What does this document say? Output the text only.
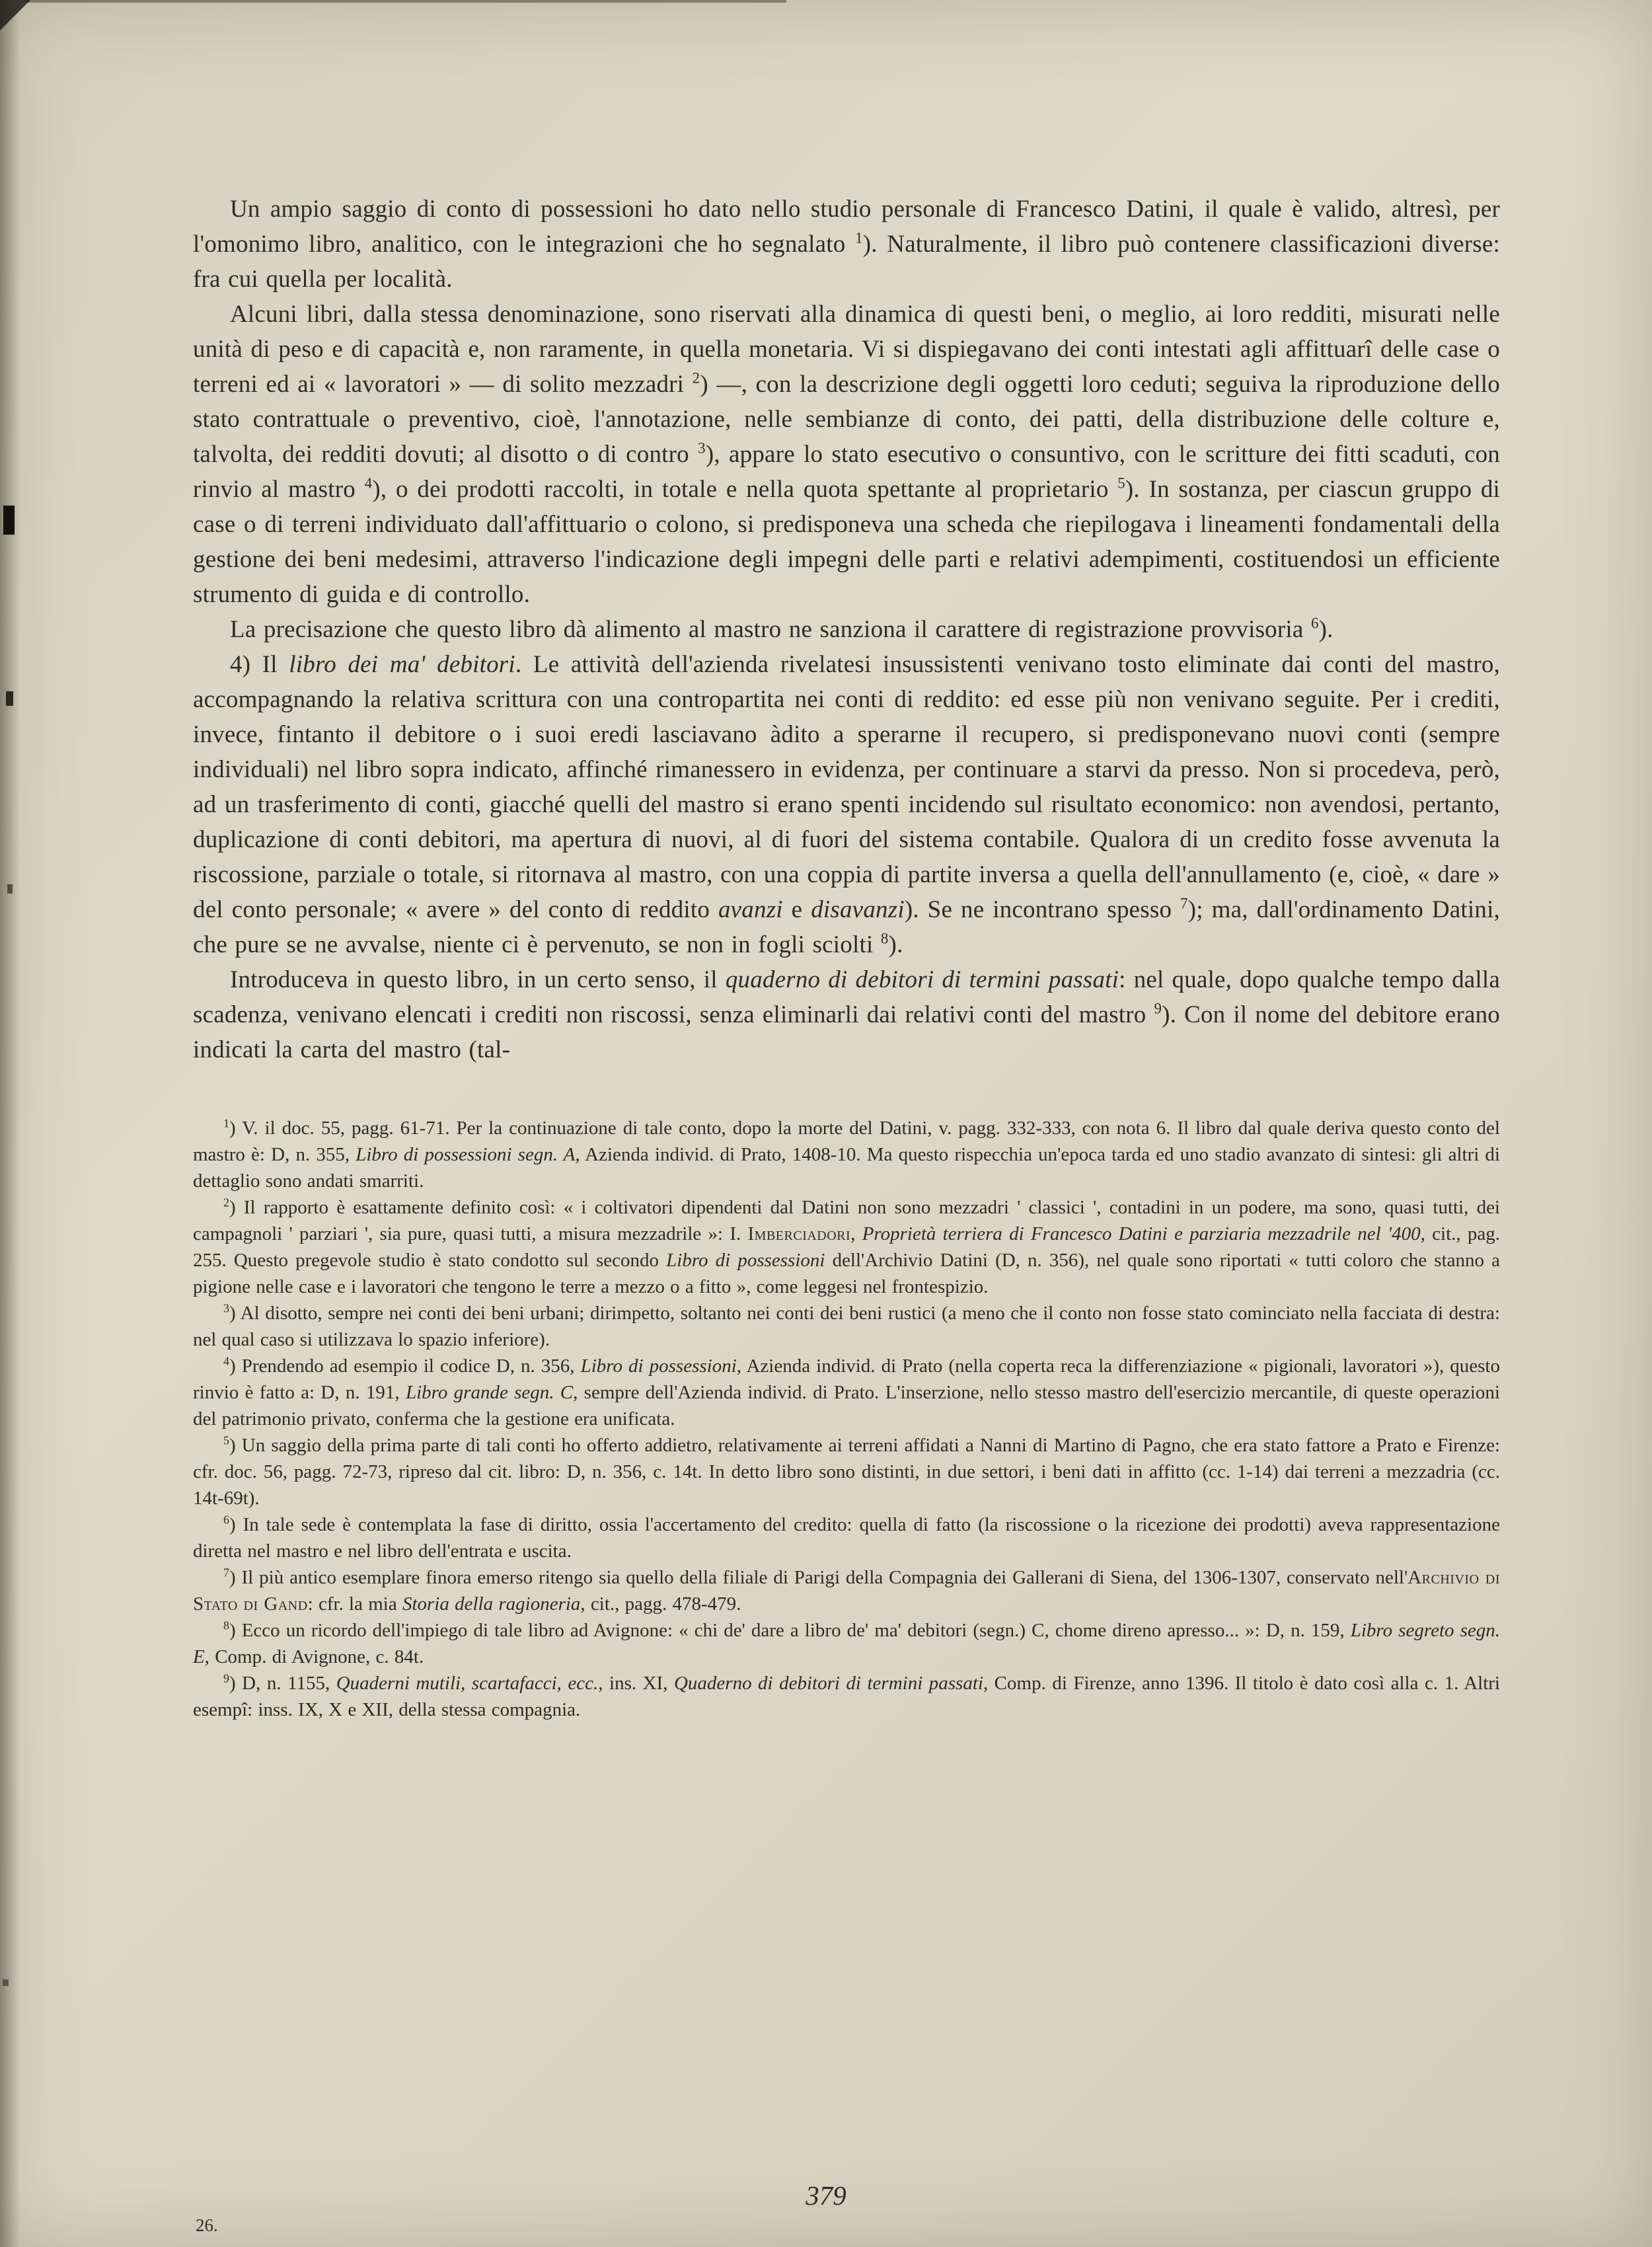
Un ampio saggio di conto di possessioni ho dato nello studio personale di Francesco Datini, il quale è valido, altresì, per l'omonimo libro, analitico, con le integrazioni che ho segnalato $^1$). Naturalmente, il libro può contenere classificazioni diverse: fra cui quella per località.

Alcuni libri, dalla stessa denominazione, sono riservati alla dinamica di questi beni, o meglio, ai loro redditi, misurati nelle unità di peso e di capacità e, non raramente, in quella monetaria. Vi si dispiegavano dei conti intestati agli affittuarî delle case o terreni ed ai « lavoratori » — di solito mezzadri $^2$) —, con la descrizione degli oggetti loro ceduti; seguiva la riproduzione dello stato contrattuale o preventivo, cioè, l'annotazione, nelle sembianze di conto, dei patti, della distribuzione delle colture e, talvolta, dei redditi dovuti; al disotto o di contro $^3$), appare lo stato esecutivo o consuntivo, con le scritture dei fitti scaduti, con rinvio al mastro $^4$), o dei prodotti raccolti, in totale e nella quota spettante al proprietario $^5$). In sostanza, per ciascun gruppo di case o di terreni individuato dall'affittuario o colono, si predisponeva una scheda che riepilogava i lineamenti fondamentali della gestione dei beni medesimi, attraverso l'indicazione degli impegni delle parti e relativi adempimenti, costituendosi un efficiente strumento di guida e di controllo.

La precisazione che questo libro dà alimento al mastro ne sanziona il carattere di registrazione provvisoria $^6$).

4) Il libro dei ma' debitori. Le attività dell'azienda rivelatesi insussistenti venivano tosto eliminate dai conti del mastro, accompagnando la relativa scrittura con una contropartita nei conti di reddito: ed esse più non venivano seguite. Per i crediti, invece, fintanto il debitore o i suoi eredi lasciavano àdito a sperarne il recupero, si predisponevano nuovi conti (sempre individuali) nel libro sopra indicato, affinché rimanessero in evidenza, per continuare a starvi da presso. Non si procedeva, però, ad un trasferimento di conti, giacché quelli del mastro si erano spenti incidendo sul risultato economico: non avendosi, pertanto, duplicazione di conti debitori, ma apertura di nuovi, al di fuori del sistema contabile. Qualora di un credito fosse avvenuta la riscossione, parziale o totale, si ritornava al mastro, con una coppia di partite inversa a quella dell'annullamento (e, cioè, « dare » del conto personale; « avere » del conto di reddito avanzi e disavanzi). Se ne incontrano spesso $^7$); ma, dall'ordinamento Datini, che pure se ne avvalse, niente ci è pervenuto, se non in fogli sciolti $^8$).

Introduceva in questo libro, in un certo senso, il quaderno di debitori di termini passati: nel quale, dopo qualche tempo dalla scadenza, venivano elencati i crediti non riscossi, senza eliminarli dai relativi conti del mastro $^9$). Con il nome del debitore erano indicati la carta del mastro (tal-

$^1$) V. il doc. 55, pagg. 61-71. Per la continuazione di tale conto, dopo la morte del Datini, v. pagg. 332-333, con nota 6. Il libro dal quale deriva questo conto del mastro è: D, n. 355, Libro di possessioni segn. A, Azienda individ. di Prato, 1408-10. Ma questo rispecchia un'epoca tarda ed uno stadio avanzato di sintesi: gli altri di dettaglio sono andati smarriti.

$^2$) Il rapporto è esattamente definito così: « i coltivatori dipendenti dal Datini non sono mezzadri ' classici ', contadini in un podere, ma sono, quasi tutti, dei campagnoli ' parziari ', sia pure, quasi tutti, a misura mezzadrile »: I. Imberciadori, Proprietà terriera di Francesco Datini e parziaria mezzadrile nel '400, cit., pag. 255. Questo pregevole studio è stato condotto sul secondo Libro di possessioni dell'Archivio Datini (D, n. 356), nel quale sono riportati « tutti coloro che stanno a pigione nelle case e i lavoratori che tengono le terre a mezzo o a fitto », come leggesi nel frontespizio.

$^3$) Al disotto, sempre nei conti dei beni urbani; dirimpetto, soltanto nei conti dei beni rustici (a meno che il conto non fosse stato cominciato nella facciata di destra: nel qual caso si utilizzava lo spazio inferiore).

$^4$) Prendendo ad esempio il codice D, n. 356, Libro di possessioni, Azienda individ. di Prato (nella coperta reca la differenziazione « pigionali, lavoratori »), questo rinvio è fatto a: D, n. 191, Libro grande segn. C, sempre dell'Azienda individ. di Prato. L'inserzione, nello stesso mastro dell'esercizio mercantile, di queste operazioni del patrimonio privato, conferma che la gestione era unificata.

$^5$) Un saggio della prima parte di tali conti ho offerto addietro, relativamente ai terreni affidati a Nanni di Martino di Pagno, che era stato fattore a Prato e Firenze: cfr. doc. 56, pagg. 72-73, ripreso dal cit. libro: D, n. 356, c. 14t. In detto libro sono distinti, in due settori, i beni dati in affitto (cc. 1-14) dai terreni a mezzadria (cc. 14t-69t).

$^6$) In tale sede è contemplata la fase di diritto, ossia l'accertamento del credito: quella di fatto (la riscossione o la ricezione dei prodotti) aveva rappresentazione diretta nel mastro e nel libro dell'entrata e uscita.

$^7$) Il più antico esemplare finora emerso ritengo sia quello della filiale di Parigi della Compagnia dei Gallerani di Siena, del 1306-1307, conservato nell'Archivio di Stato di Gand: cfr. la mia Storia della ragioneria, cit., pagg. 478-479.

$^8$) Ecco un ricordo dell'impiego di tale libro ad Avignone: « chi de' dare a libro de' ma' debitori (segn.) C, chome direno apresso... »: D, n. 159, Libro segreto segn. E, Comp. di Avignone, c. 84t.

$^9$) D, n. 1155, Quaderni mutili, scartafacci, ecc., ins. XI, Quaderno di debitori di termini passati, Comp. di Firenze, anno 1396. Il titolo è dato così alla c. 1. Altri esempî: inss. IX, X e XII, della stessa compagnia.

379
26.
